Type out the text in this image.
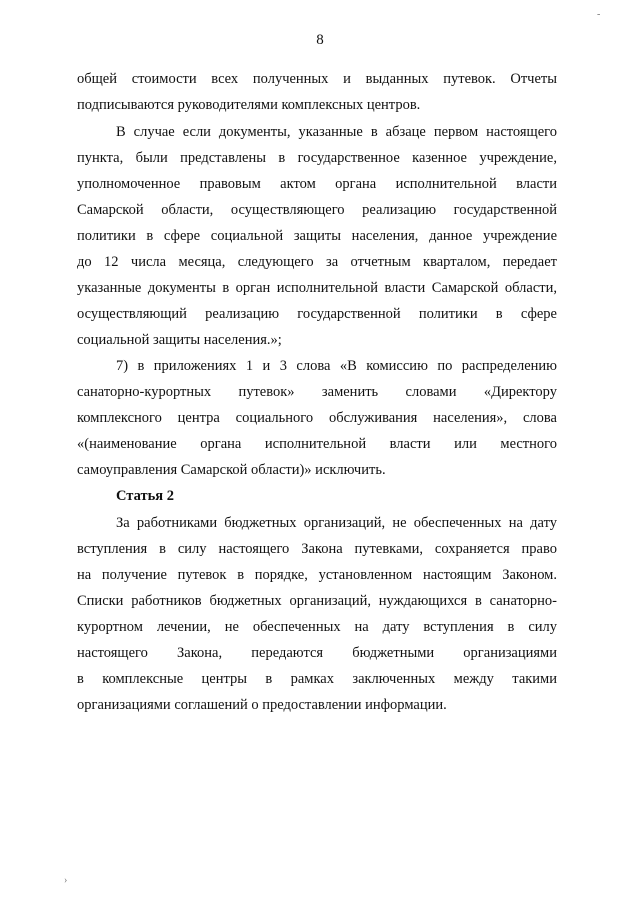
8
-
общей стоимости всех полученных и выданных путевок. Отчеты
подписываются руководителями комплексных центров.
В случае если документы, указанные в абзаце первом настоящего
пункта, были представлены в государственное казенное учреждение,
уполномоченное правовым актом органа исполнительной власти
Самарской области, осуществляющего реализацию государственной
политики в сфере социальной защиты населения, данное учреждение
до 12 числа месяца, следующего за отчетным кварталом, передает
указанные документы в орган исполнительной власти Самарской области,
осуществляющий реализацию государственной политики в сфере
социальной защиты населения.»;
7) в приложениях 1 и 3 слова «В комиссию по распределению
санаторно-курортных путевок» заменить словами «Директору
комплексного центра социального обслуживания населения», слова
«(наименование органа исполнительной власти или местного
самоуправления Самарской области)» исключить.
Статья 2
За работниками бюджетных организаций, не обеспеченных на дату
вступления в силу настоящего Закона путевками, сохраняется право
на получение путевок в порядке, установленном настоящим Законом.
Списки работников бюджетных организаций, нуждающихся в санаторно-
курортном лечении, не обеспеченных на дату вступления в силу
настоящего Закона, передаются бюджетными организациями
в комплексные центры в рамках заключенных между такими
организациями соглашений о предоставлении информации.
›
